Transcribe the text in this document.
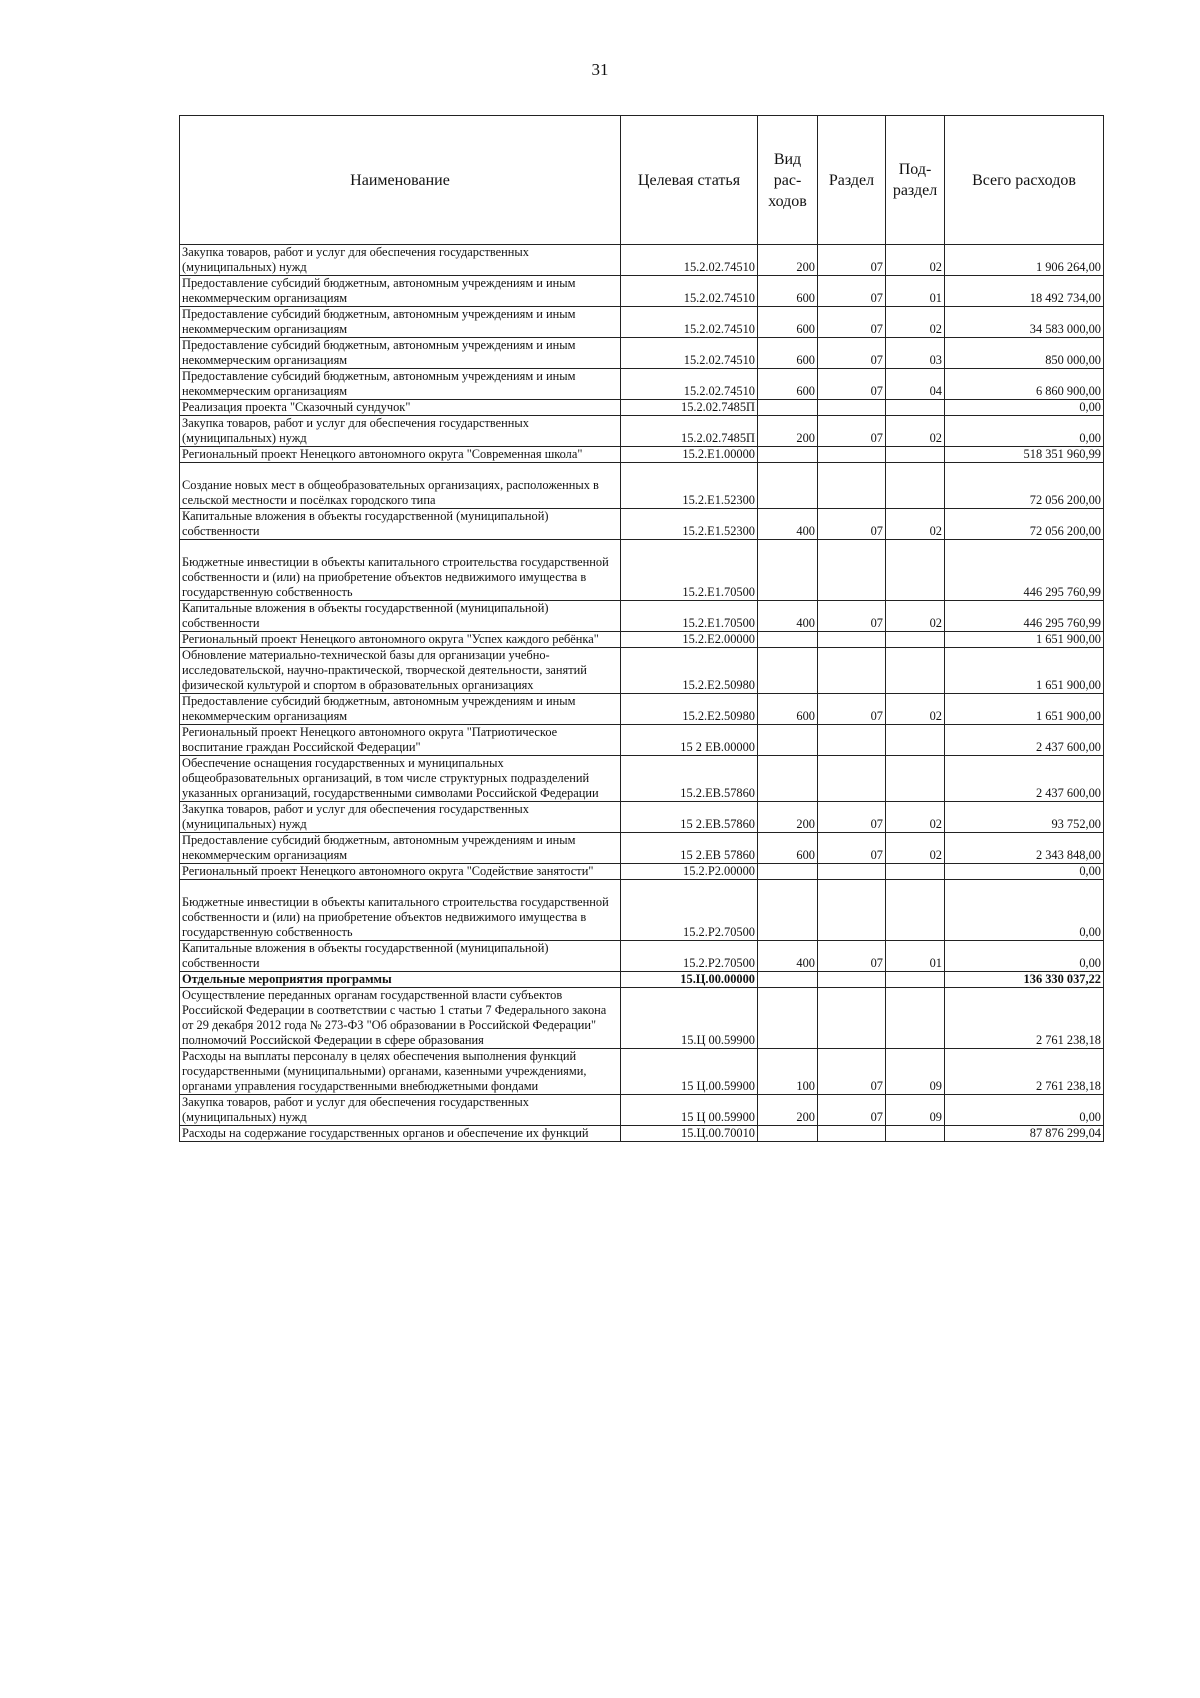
31
Наименование	Целевая статья	Вид рас- ходов	Раздел	Под- раздел	Всего расходов
Закупка товаров, работ и услуг для обеспечения государственных (муниципальных) нужд	15.2.02.74510	200	07	02	1 906 264,00
Предоставление субсидий бюджетным, автономным учреждениям и иным некоммерческим организациям	15.2.02.74510	600	07	01	18 492 734,00
Предоставление субсидий бюджетным, автономным учреждениям и иным некоммерческим организациям	15.2.02.74510	600	07	02	34 583 000,00
Предоставление субсидий бюджетным, автономным учреждениям и иным некоммерческим организациям	15.2.02.74510	600	07	03	850 000,00
Предоставление субсидий бюджетным, автономным учреждениям и иным некоммерческим организациям	15.2.02.74510	600	07	04	6 860 900,00
Реализация проекта "Сказочный сундучок"	15.2.02.7485П				0,00
Закупка товаров, работ и услуг для обеспечения государственных (муниципальных) нужд	15.2.02.7485П	200	07	02	0,00
Региональный проект Ненецкого автономного округа "Современная школа"	15.2.E1.00000				518 351 960,99

Создание новых мест в общеобразовательных организациях, расположенных в сельской местности и посёлках городского типа	15.2.E1.52300				72 056 200,00
Капитальные вложения в объекты государственной (муниципальной) собственности	15.2.E1.52300	400	07	02	72 056 200,00

Бюджетные инвестиции в объекты капитального строительства государственной собственности и (или) на приобретение объектов недвижимого имущества в государственную собственность	15.2.E1.70500				446 295 760,99
Капитальные вложения в объекты государственной (муниципальной) собственности	15.2.E1.70500	400	07	02	446 295 760,99
Региональный проект Ненецкого автономного округа "Успех каждого ребёнка"	15.2.E2.00000				1 651 900,00
Обновление материально-технической базы для организации учебно-исследовательской, научно-практической, творческой деятельности, занятий физической культурой и спортом в образовательных организациях	15.2.E2.50980				1 651 900,00
Предоставление субсидий бюджетным, автономным учреждениям и иным некоммерческим организациям	15.2.E2.50980	600	07	02	1 651 900,00
Региональный проект Ненецкого автономного округа "Патриотическое воспитание граждан Российской Федерации"	15 2 EB.00000				2 437 600,00
Обеспечение оснащения государственных и муниципальных общеобразовательных организаций, в том числе структурных подразделений указанных организаций, государственными символами Российской Федерации	15.2.EB.57860				2 437 600,00
Закупка товаров, работ и услуг для обеспечения государственных (муниципальных) нужд	15 2.EB.57860	200	07	02	93 752,00
Предоставление субсидий бюджетным, автономным учреждениям и иным некоммерческим организациям	15 2.EB 57860	600	07	02	2 343 848,00
Региональный проект Ненецкого автономного округа "Содействие занятости"	15.2.P2.00000				0,00

Бюджетные инвестиции в объекты капитального строительства государственной собственности и (или) на приобретение объектов недвижимого имущества в государственную собственность	15.2.P2.70500				0,00
Капитальные вложения в объекты государственной (муниципальной) собственности	15.2.P2.70500	400	07	01	0,00
Отдельные мероприятия программы	15.Ц.00.00000				136 330 037,22
Осуществление переданных органам государственной власти субъектов Российской Федерации в соответствии с частью 1 статьи 7 Федерального закона от 29 декабря 2012 года № 273-ФЗ "Об образовании в Российской Федерации" полномочий Российской Федерации в сфере образования	15.Ц 00.59900				2 761 238,18
Расходы на выплаты персоналу в целях обеспечения выполнения функций государственными (муниципальными) органами, казенными учреждениями, органами управления государственными внебюджетными фондами	15 Ц.00.59900	100	07	09	2 761 238,18
Закупка товаров, работ и услуг для обеспечения государственных (муниципальных) нужд	15 Ц 00.59900	200	07	09	0,00
Расходы на содержание государственных органов и обеспечение их функций	15.Ц.00.70010				87 876 299,04
